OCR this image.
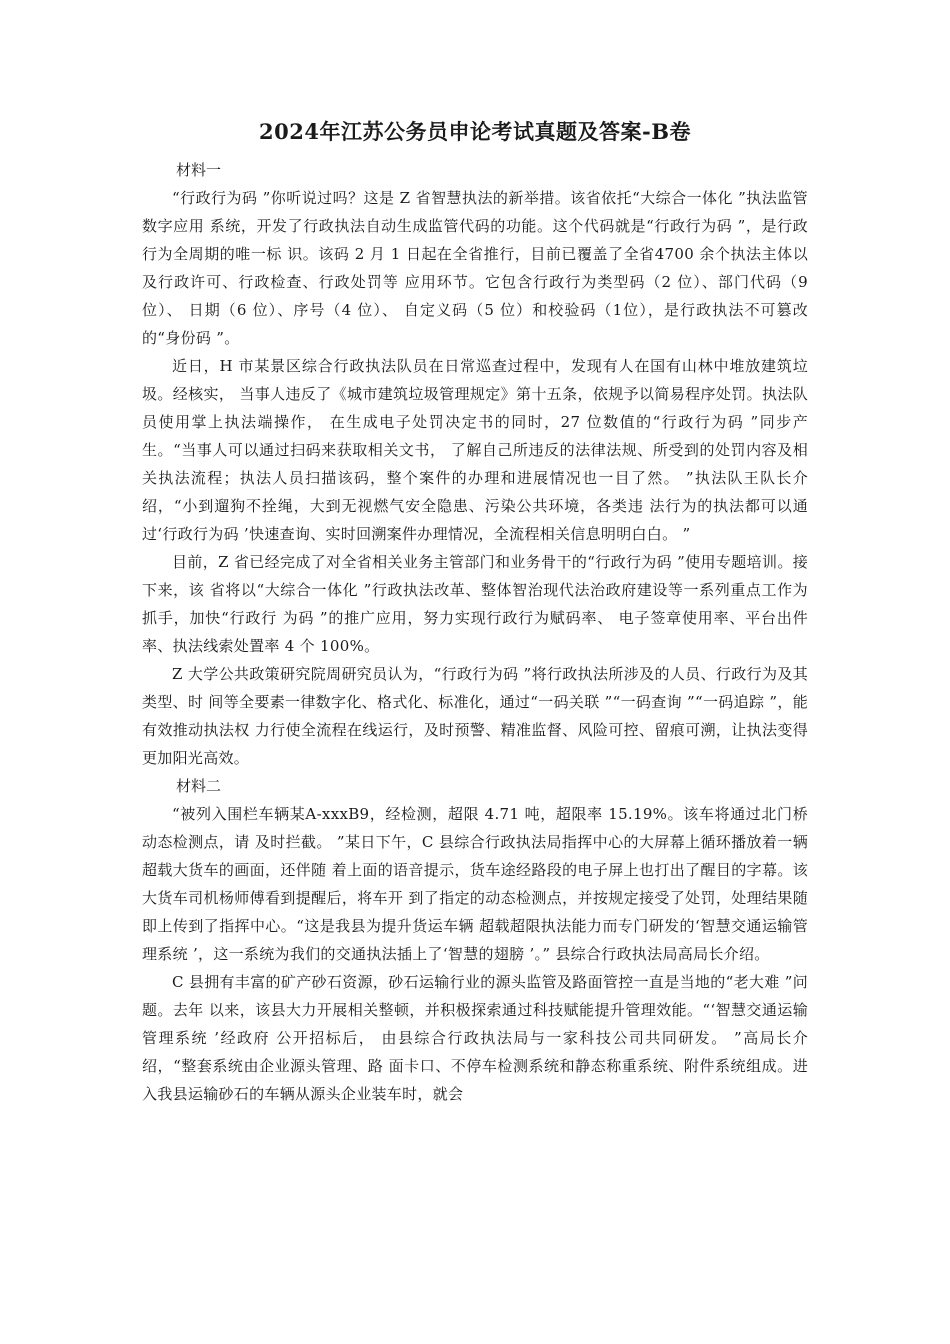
2024年江苏公务员申论考试真题及答案-B卷
材料一

“行政行为码 ”你听说过吗？这是 Z 省智慧执法的新举措。该省依托“大综合一体化 ”执法监管数字应用 系统，开发了行政执法自动生成监管代码的功能。这个代码就是“行政行为码 ”，是行政行为全周期的唯一标 识。该码 2 月 1 日起在全省推行，目前已覆盖了全省4700 余个执法主体以及行政许可、行政检查、行政处罚等 应用环节。它包含行政行为类型码（2 位）、部门代码（9 位）、 日期（6 位）、序号（4 位）、 自定义码（5 位）和校验码（1位），是行政执法不可篡改的“身份码 ”。

近日，H 市某景区综合行政执法队员在日常巡查过程中，发现有人在国有山林中堆放建筑垃圾。经核实， 当事人违反了《城市建筑垃圾管理规定》第十五条，依规予以简易程序处罚。执法队员使用掌上执法端操作， 在生成电子处罚决定书的同时，27 位数值的“行政行为码 ”同步产生。“当事人可以通过扫码来获取相关文书， 了解自己所违反的法律法规、所受到的处罚内容及相关执法流程；执法人员扫描该码，整个案件的办理和进展情况也一目了然。 ”执法队王队长介绍，“小到遛狗不拴绳，大到无视燃气安全隐患、污染公共环境，各类违 法行为的执法都可以通过‘行政行为码 ’快速查询、实时回溯案件办理情况，全流程相关信息明明白白。 ”

目前，Z 省已经完成了对全省相关业务主管部门和业务骨干的“行政行为码 ”使用专题培训。接下来，该 省将以“大综合一体化 ”行政执法改革、整体智治现代法治政府建设等一系列重点工作为抓手，加快“行政行 为码 ”的推广应用，努力实现行政行为赋码率、 电子签章使用率、平台出件率、执法线索处置率 4 个 100%。

Z 大学公共政策研究院周研究员认为，“行政行为码 ”将行政执法所涉及的人员、行政行为及其类型、时 间等全要素一律数字化、格式化、标准化，通过“一码关联 ”“一码查询 ”“一码追踪 ”，能有效推动执法权 力行使全流程在线运行，及时预警、精准监督、风险可控、留痕可溯，让执法变得更加阳光高效。

材料二

“被列入围栏车辆某A-xxxB9，经检测，超限 4.71 吨，超限率 15.19%。该车将通过北门桥动态检测点，请 及时拦截。 ”某日下午，C 县综合行政执法局指挥中心的大屏幕上循环播放着一辆超载大货车的画面，还伴随 着上面的语音提示，货车途经路段的电子屏上也打出了醒目的字幕。该大货车司机杨师傅看到提醒后，将车开 到了指定的动态检测点，并按规定接受了处罚，处理结果随即上传到了指挥中心。“这是我县为提升货运车辆 超载超限执法能力而专门研发的‘智慧交通运输管理系统 ’，这一系统为我们的交通执法插上了‘智慧的翅膀 ’。” 县综合行政执法局高局长介绍。

C 县拥有丰富的矿产砂石资源，砂石运输行业的源头监管及路面管控一直是当地的“老大难 ”问题。去年 以来，该县大力开展相关整顿，并积极探索通过科技赋能提升管理效能。“‘智慧交通运输管理系统 ’经政府 公开招标后， 由县综合行政执法局与一家科技公司共同研发。 ”高局长介绍，“整套系统由企业源头管理、路 面卡口、不停车检测系统和静态称重系统、附件系统组成。进入我县运输砂石的车辆从源头企业装车时，就会
